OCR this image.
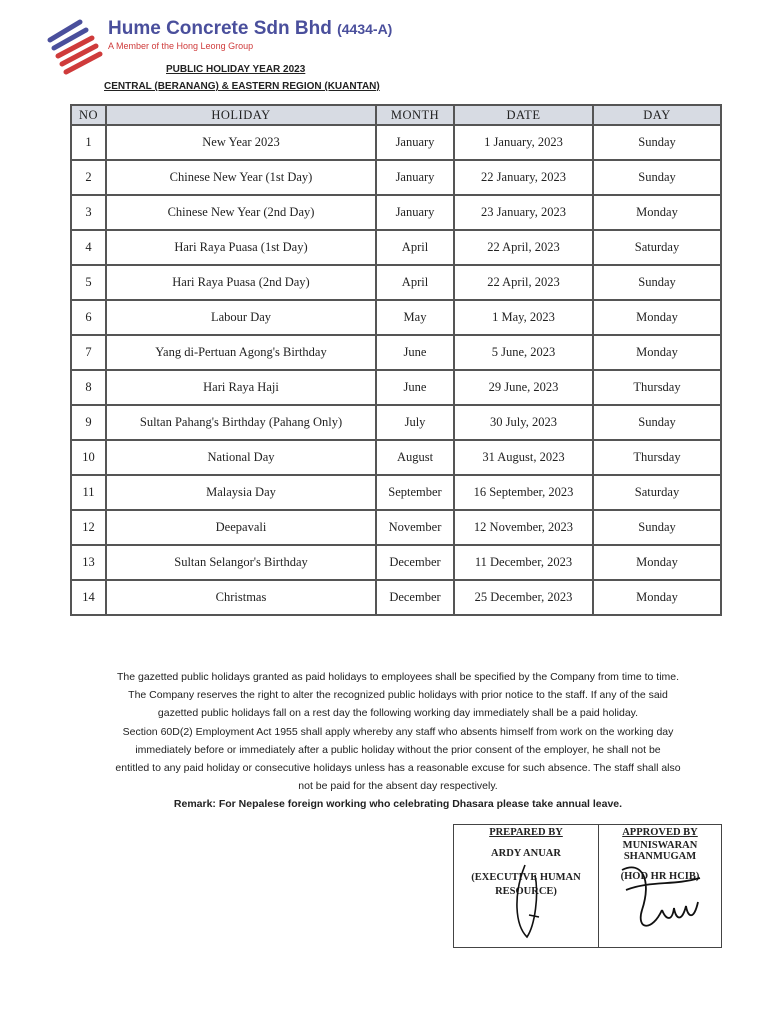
Hume Concrete Sdn Bhd (4434-A)
A Member of the Hong Leong Group
PUBLIC HOLIDAY YEAR 2023
CENTRAL (BERANANG) & EASTERN REGION (KUANTAN)
NO	HOLIDAY	MONTH	DATE	DAY
1	New Year 2023	January	1 January, 2023	Sunday
2	Chinese New Year (1st Day)	January	22 January, 2023	Sunday
3	Chinese New Year (2nd Day)	January	23 January, 2023	Monday
4	Hari Raya Puasa (1st Day)	April	22 April, 2023	Saturday
5	Hari Raya Puasa (2nd Day)	April	22 April, 2023	Sunday
6	Labour Day	May	1 May, 2023	Monday
7	Yang di-Pertuan Agong's Birthday	June	5 June, 2023	Monday
8	Hari Raya Haji	June	29 June, 2023	Thursday
9	Sultan Pahang's Birthday (Pahang Only)	July	30 July, 2023	Sunday
10	National Day	August	31 August, 2023	Thursday
11	Malaysia Day	September	16 September, 2023	Saturday
12	Deepavali	November	12 November, 2023	Sunday
13	Sultan Selangor's Birthday	December	11 December, 2023	Monday
14	Christmas	December	25 December, 2023	Monday

The gazetted public holidays granted as paid holidays to employees shall be specified by the Company from time to time.

The Company reserves the right to alter the recognized public holidays with prior notice to the staff. If any of the said

gazetted public holidays fall on a rest day the following working day immediately shall be a paid holiday.

Section 60D(2) Employment Act 1955 shall apply whereby any staff who absents himself from work on the working day

immediately before or immediately after a public holiday without the prior consent of the employer, he shall not be

entitled to any paid holiday or consecutive holidays unless has a reasonable excuse for such absence. The staff shall also

not be paid for the absent day respectively.

Remark: For Nepalese foreign working who celebrating Dhasara please take annual leave.

PREPARED BY
ARDY ANUAR
(EXECUTIVE HUMAN RESOURCE)

APPROVED BY
MUNISWARAN SHANMUGAM
(HOD HR HCIB)
